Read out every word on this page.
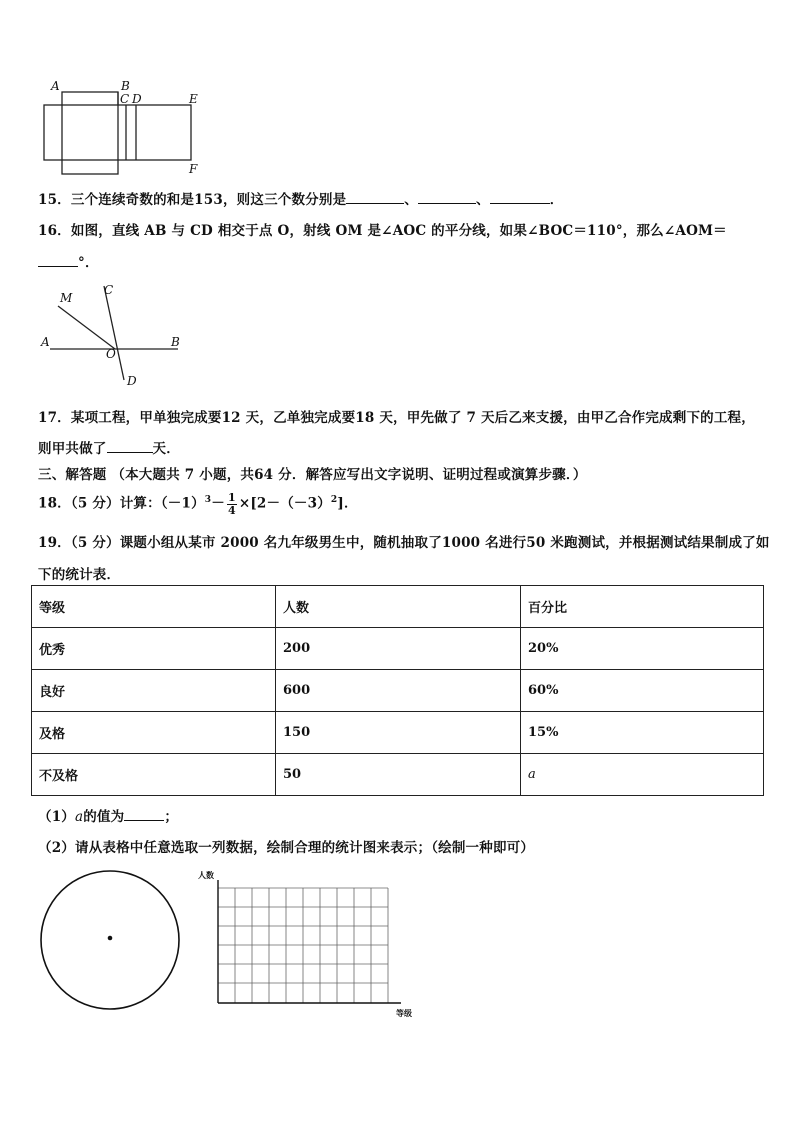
A	B
C D	E
F
15．三个连续奇数的和是153，则这三个数分别是	、	、	．
16．如图，直线 AB 与 CD 相交于点 O，射线 OM 是∠AOC 的平分线，如果∠BOC＝110°，那么∠AOM＝
°．
M
C
A
O
B
D
17．某项工程，甲单独完成要12 天，乙单独完成要18 天，甲先做了 7 天后乙来支援，由甲乙合作完成剩下的工程，
则甲共做了	天．
三、解答题 （本大题共 7 小题，共64 分．解答应写出文字说明、证明过程或演算步骤．）
18．（5 分）计算：$(-1)^3- \frac{1}{4} \times[2-(-3)^2]$．
19．（5 分）课题小组从某市 2000 名九年级男生中，随机抽取了1000 名进行50 米跑测试，并根据测试结果制成了如
下的统计表．
等级	人数	百分比
优秀	200	20%
良好	600	60%
及格	150	15%
不及格	50	a
（1）a的值为	；
（2）请从表格中任意选取一列数据，绘制合理的统计图来表示；（绘制一种即可）
人数
等级
